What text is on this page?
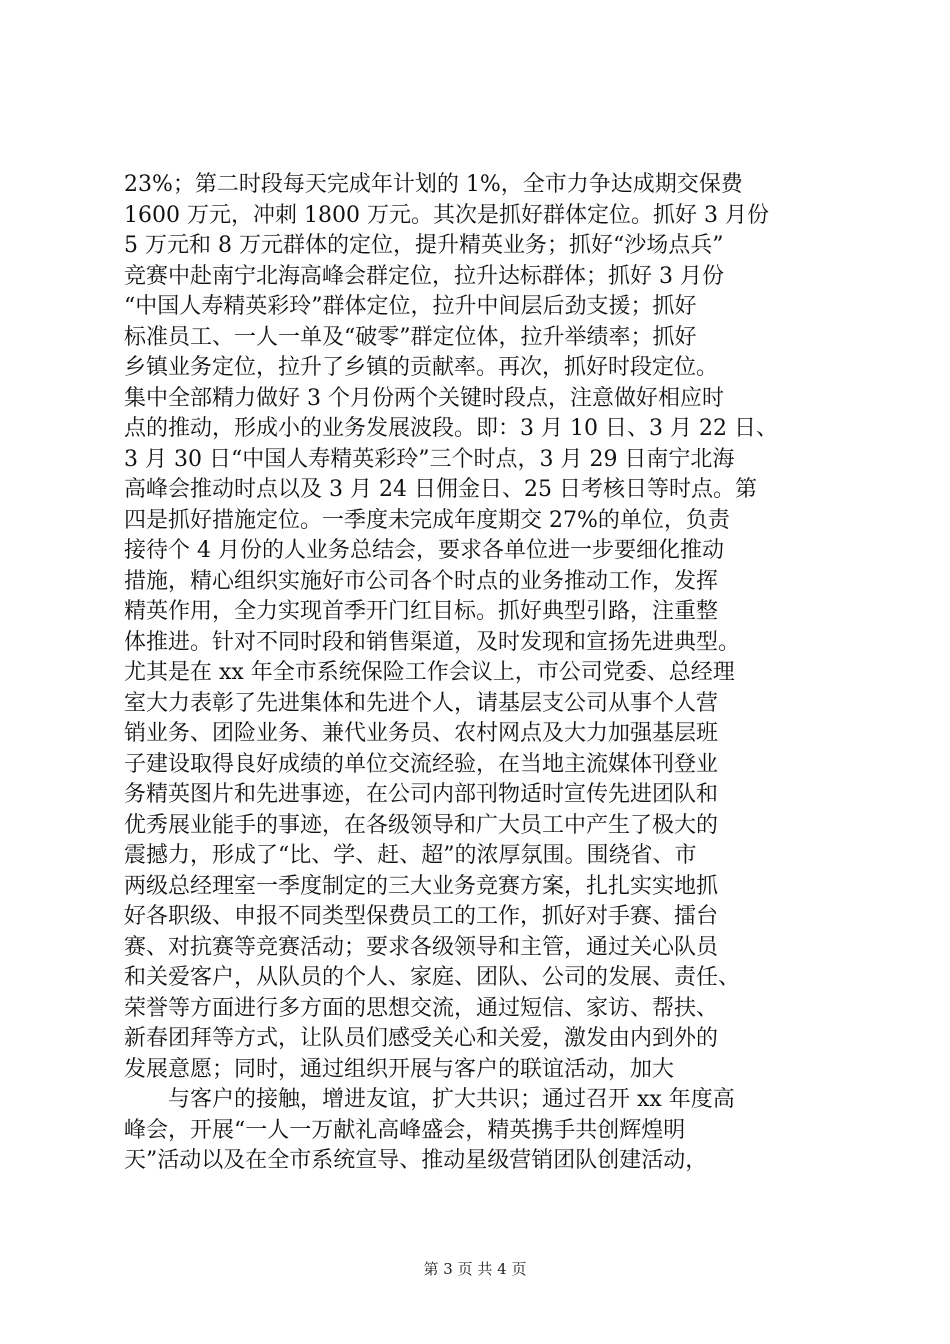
23%；第二时段每天完成年计划的 1%，全市力争达成期交保费
1600 万元，冲刺 1800 万元。其次是抓好群体定位。抓好 3 月份
5 万元和 8 万元群体的定位，提升精英业务；抓好“沙场点兵”
竞赛中赴南宁北海高峰会群定位，拉升达标群体；抓好 3 月份
“中国人寿精英彩玲”群体定位，拉升中间层后劲支援；抓好
标准员工、一人一单及“破零”群定位体，拉升举绩率；抓好
乡镇业务定位，拉升了乡镇的贡献率。再次，抓好时段定位。
集中全部精力做好 3 个月份两个关键时段点，注意做好相应时
点的推动，形成小的业务发展波段。即：3 月 10 日、3 月 22 日、
3 月 30 日“中国人寿精英彩玲”三个时点，3 月 29 日南宁北海
高峰会推动时点以及 3 月 24 日佣金日、25 日考核日等时点。第
四是抓好措施定位。一季度未完成年度期交 27%的单位，负责
接待个 4 月份的人业务总结会，要求各单位进一步要细化推动
措施，精心组织实施好市公司各个时点的业务推动工作，发挥
精英作用，全力实现首季开门红目标。抓好典型引路，注重整
体推进。针对不同时段和销售渠道，及时发现和宣扬先进典型。
尤其是在 xx 年全市系统保险工作会议上，市公司党委、总经理
室大力表彰了先进集体和先进个人，请基层支公司从事个人营
销业务、团险业务、兼代业务员、农村网点及大力加强基层班
子建设取得良好成绩的单位交流经验，在当地主流媒体刊登业
务精英图片和先进事迹，在公司内部刊物适时宣传先进团队和
优秀展业能手的事迹，在各级领导和广大员工中产生了极大的
震撼力，形成了“比、学、赶、超”的浓厚氛围。围绕省、市
两级总经理室一季度制定的三大业务竞赛方案，扎扎实实地抓
好各职级、申报不同类型保费员工的工作，抓好对手赛、擂台
赛、对抗赛等竞赛活动；要求各级领导和主管，通过关心队员
和关爱客户，从队员的个人、家庭、团队、公司的发展、责任、
荣誉等方面进行多方面的思想交流，通过短信、家访、帮扶、
新春团拜等方式，让队员们感受关心和关爱，激发由内到外的
发展意愿；同时，通过组织开展与客户的联谊活动，加大
与客户的接触，增进友谊，扩大共识；通过召开 xx 年度高
峰会，开展“一人一万献礼高峰盛会，精英携手共创辉煌明
天”活动以及在全市系统宣导、推动星级营销团队创建活动，
第 3 页 共 4 页
